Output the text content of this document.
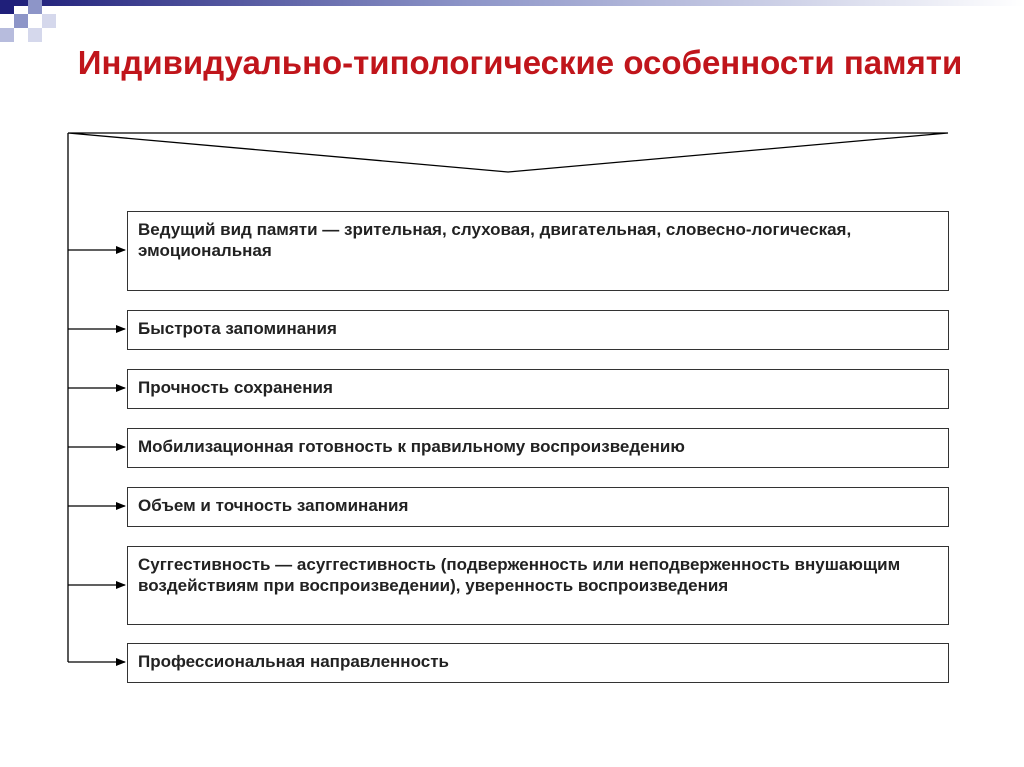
Индивидуально-типологические особенности памяти
Ведущий вид памяти — зрительная, слуховая, двигательная, словесно-логическая, эмоциональная
Быстрота запоминания
Прочность сохранения
Мобилизационная готовность к правильному воспроизведению
Объем и точность запоминания
Суггестивность — асуггестивность (подверженность или неподверженность внушающим воздействиям при воспроизведении), уверенность воспроизведения
Профессиональная направленность
